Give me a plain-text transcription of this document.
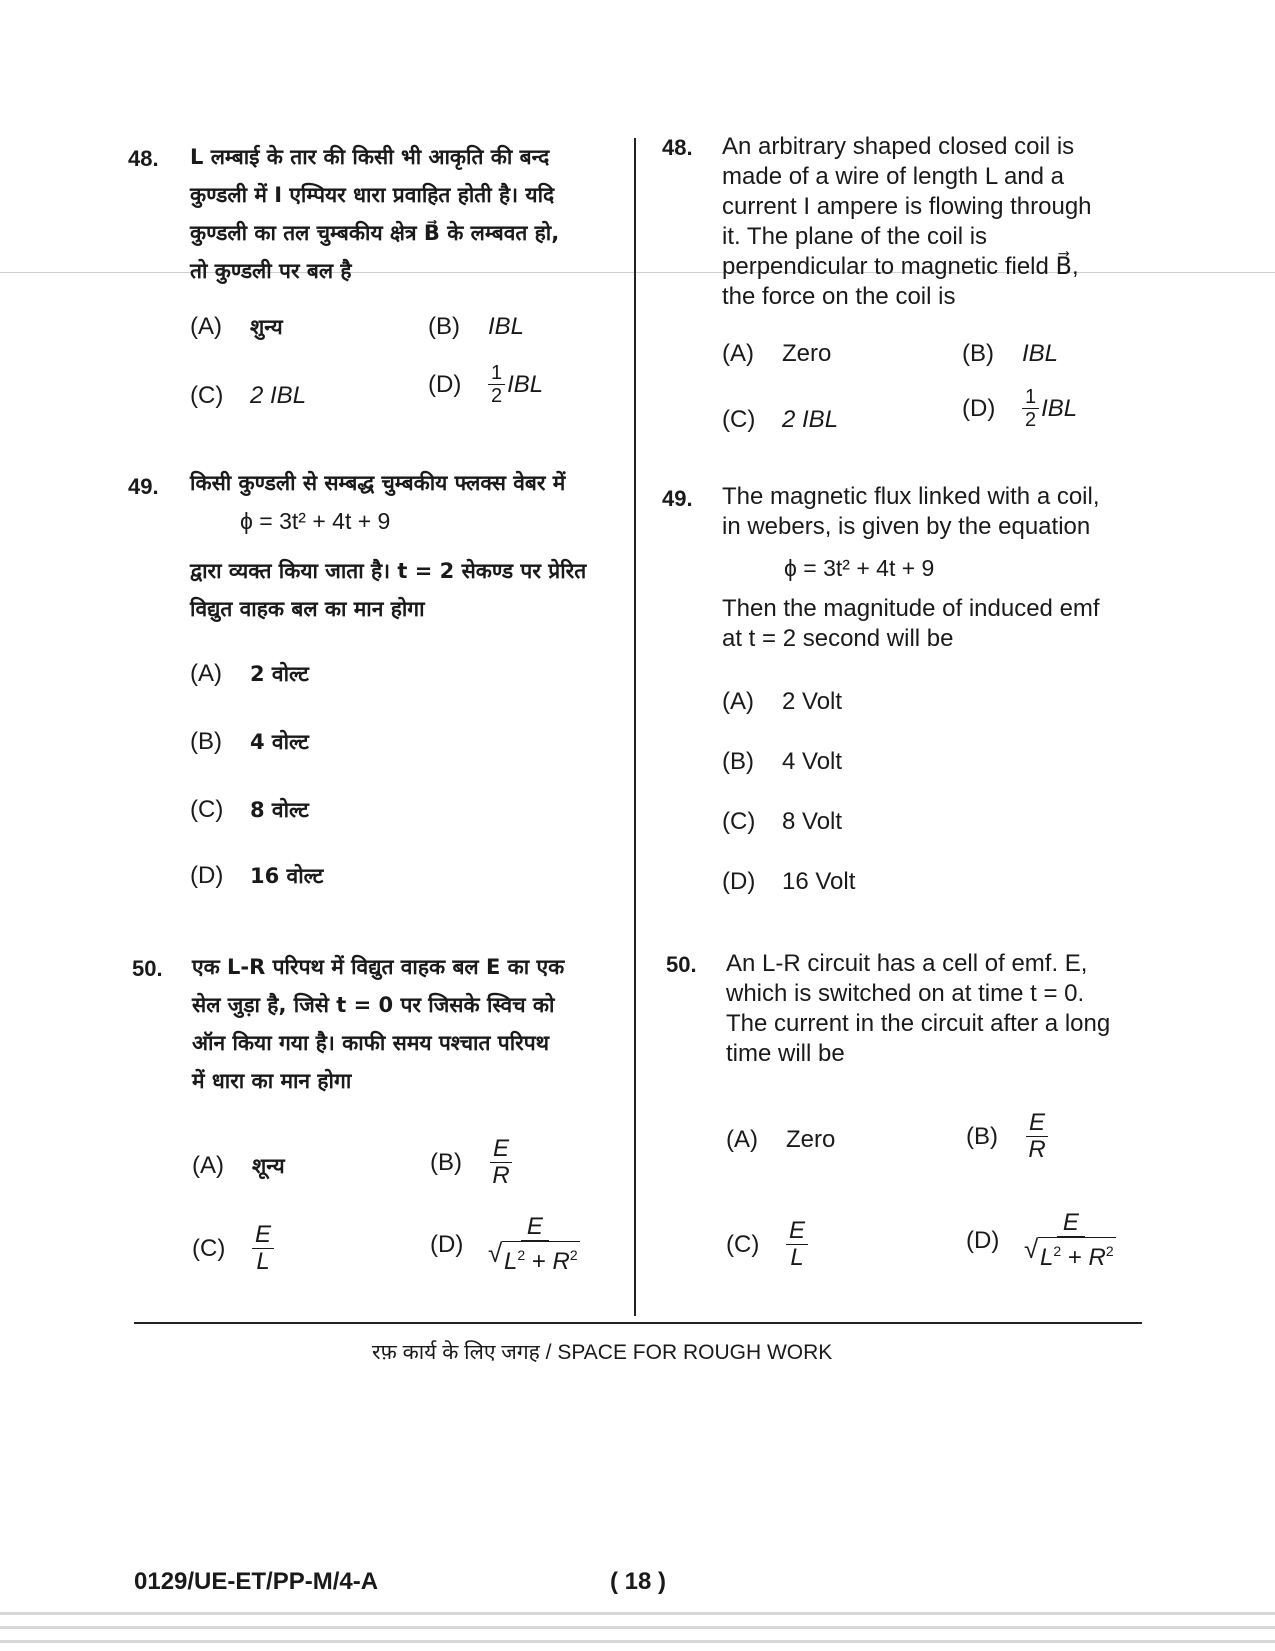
48. L लम्बाई के तार की किसी भी आकृति की बन्द
कुण्डली में I एम्पियर धारा प्रवाहित होती है। यदि
कुण्डली का तल चुम्बकीय क्षेत्र B⃗ के लम्बवत हो,
तो कुण्डली पर बल है
(A) शुन्य	(B) IBL
(C) 2 IBL	$(D) \frac{1}{2}$ IBL
48. An arbitrary shaped closed coil is
made of a wire of length L and a
current I ampere is flowing through
it. The plane of the coil is
perpendicular to magnetic field B⃗,
the force on the coil is
(A) Zero	(B) IBL
(C) 2 IBL	$(D) \frac{1}{2}$ IBL
49. किसी कुण्डली से सम्बद्ध चुम्बकीय फ्लक्स वेबर में
ϕ = 3t² + 4t + 9
द्वारा व्यक्त किया जाता है। t = 2 सेकण्ड पर प्रेरित
विद्युत वाहक बल का मान होगा
(A) 2 वोल्ट
(B) 4 वोल्ट
(C) 8 वोल्ट
(D) 16 वोल्ट
49. The magnetic flux linked with a coil,
in webers, is given by the equation
ϕ = 3t² + 4t + 9
Then the magnitude of induced emf
at t = 2 second will be
(A) 2 Volt
(B) 4 Volt
(C) 8 Volt
(D) 16 Volt
50. एक L-R परिपथ में विद्युत वाहक बल E का एक
सेल जुड़ा है, जिसे t = 0 पर जिसके स्विच को
ऑन किया गया है। काफी समय पश्चात परिपथ
में धारा का मान होगा
(A) शून्य	$(B) \frac{E}{R}$
$(C) \frac{E}{L}$	(D) E
√ $L^2 + R^2$
50. An L-R circuit has a cell of emf. E,
which is switched on at time t = 0.
The current in the circuit after a long
time will be
(A) Zero	$(B) \frac{E}{R}$
$(C) \frac{E}{L}$	(D) E
√ $L^2 + R^2$
रफ़ कार्य के लिए जगह / SPACE FOR ROUGH WORK
0129/UE-ET/PP-M/4-A	( 18 )
